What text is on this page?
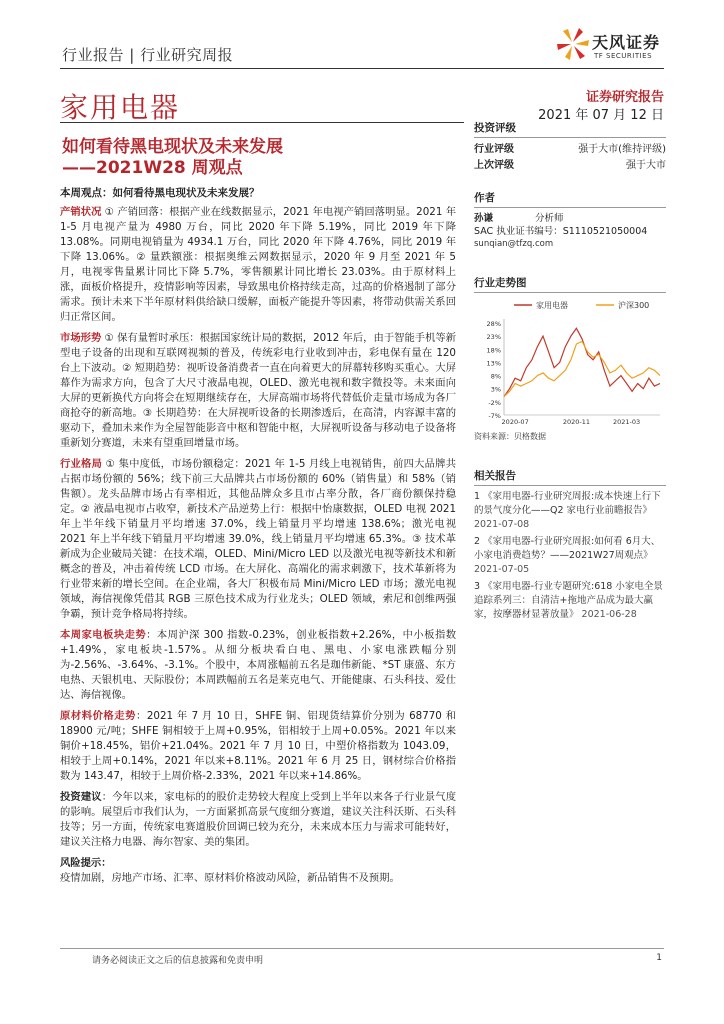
行业报告 | 行业研究周报
天风证券
TF SECURITIES
家用电器	证券研究报告
2021 年 07 月 12 日
如何看待黑电现状及未来发展
——2021W28 周观点

本周观点：如何看待黑电现状及未来发展？

产销状况 ① 产销回落：根据产业在线数据显示，2021 年电视产销回落明显。2021 年 1-5 月电视产量为 4980 万台，同比 2020 年下降 5.19%，同比 2019 年下降 13.08%。同期电视销量为 4934.1 万台，同比 2020 年下降 4.76%，同比 2019 年下降 13.06%。② 量跌额涨：根据奥维云网数据显示，2020 年 9 月至 2021 年 5 月，电视零售量累计同比下降 5.7%，零售额累计同比增长 23.03%。由于原材料上涨，面板价格提升，疫情影响等因素，导致黑电价格持续走高，过高的价格遏制了部分需求。预计未来下半年原材料供给缺口缓解，面板产能提升等因素，将带动供需关系回归正常区间。

市场形势 ① 保有量暂时承压：根据国家统计局的数据，2012 年后，由于智能手机等新型电子设备的出现和互联网视频的普及，传统彩电行业收到冲击，彩电保有量在 120 台上下波动。② 短期趋势：视听设备消费者一直在向着更大的屏幕转移购买重心。大屏幕作为需求方向，包含了大尺寸液晶电视，OLED、激光电视和数字微投等。未来面向大屏的更新换代方向将会在短期继续存在，大屏高端市场将代替低价走量市场成为各厂商抢夺的新高地。③ 长期趋势：在大屏视听设备的长期渗透后，在高清，内容源丰富的驱动下，叠加未来作为全屋智能影音中枢和智能中枢，大屏视听设备与移动电子设备将重新划分赛道，未来有望重回增量市场。

行业格局 ① 集中度低，市场份额稳定：2021 年 1-5 月线上电视销售，前四大品牌共占据市场份额的 56%；线下前三大品牌共占市场份额的 60%（销售量）和 58%（销售额）。龙头品牌市场占有率相近，其他品牌众多且市占率分散，各厂商份额保持稳定。② 液晶电视市占收窄，新技术产品逆势上行：根据中怡康数据，OLED 电视 2021 年上半年线下销量月平均增速 37.0%，线上销量月平均增速 138.6%；激光电视 2021 年上半年线下销量月平均增速 39.0%，线上销量月平均增速 65.3%。③ 技术革新成为企业破局关键：在技术端，OLED、Mini/Micro LED 以及激光电视等新技术和新概念的普及，冲击着传统 LCD 市场。在大屏化、高端化的需求刺激下，技术革新将为行业带来新的增长空间。在企业端，各大厂积极布局 Mini/Micro LED 市场；激光电视领域，海信视像凭借其 RGB 三原色技术成为行业龙头；OLED 领域，索尼和创维两强争霸，预计竞争格局将持续。

本周家电板块走势：本周沪深 300 指数-0.23%，创业板指数+2.26%，中小板指数+1.49%，家电板块-1.57%。从细分板块看白电、黑电、小家电涨跌幅分别为-2.56%、-3.64%、-3.1%。个股中，本周涨幅前五名是珈伟新能、*ST 康盛、东方电热、天银机电、天际股份；本周跌幅前五名是莱克电气、开能健康、石头科技、爱仕达、海信视像。

原材料价格走势：2021 年 7 月 10 日，SHFE 铜、铝现货结算价分别为 68770 和 18900 元/吨；SHFE 铜相较于上周+0.95%，铝相较于上周+0.05%。2021 年以来铜价+18.45%，铝价+21.04%。2021 年 7 月 10 日，中塑价格指数为 1043.09，相较于上周+0.14%，2021 年以来+8.11%。2021 年 6 月 25 日，钢材综合价格指数为 143.47，相较于上周价格-2.33%，2021 年以来+14.86%。

投资建议：今年以来，家电标的的股价走势较大程度上受到上半年以来各子行业景气度的影响。展望后市我们认为，一方面紧抓高景气度细分赛道，建议关注科沃斯、石头科技等；另一方面，传统家电赛道股价回调已较为充分，未来成本压力与需求可能转好，建议关注格力电器、海尔智家、美的集团。

风险提示：

疫情加剧，房地产市场、汇率、原材料价格波动风险，新品销售不及预期。

投资评级
行业评级	强于大市(维持评级)
上次评级	强于大市
作者
孙谦	分析师
SAC 执业证书编号：S1110521050004
sunqian@tfzq.com
行业走势图
家用电器	沪深300
-7%
-2%
3%
8%
13%
18%
23%
28%
2020-07	2020-11	2021-03
资料来源：贝格数据
相关报告
1 《家用电器-行业研究周报:成本快速上行下的景气度分化——Q2 家电行业前瞻报告》 2021-07-08
2 《家用电器-行业研究周报:如何看 6月大、小家电消费趋势？——2021W27周观点》 2021-07-05
3 《家用电器-行业专题研究:618 小家电全景追踪系列三：自清洁+拖地产品成为最大赢家，按摩器材显著放量》 2021-06-28
请务必阅读正文之后的信息披露和免责申明	1
